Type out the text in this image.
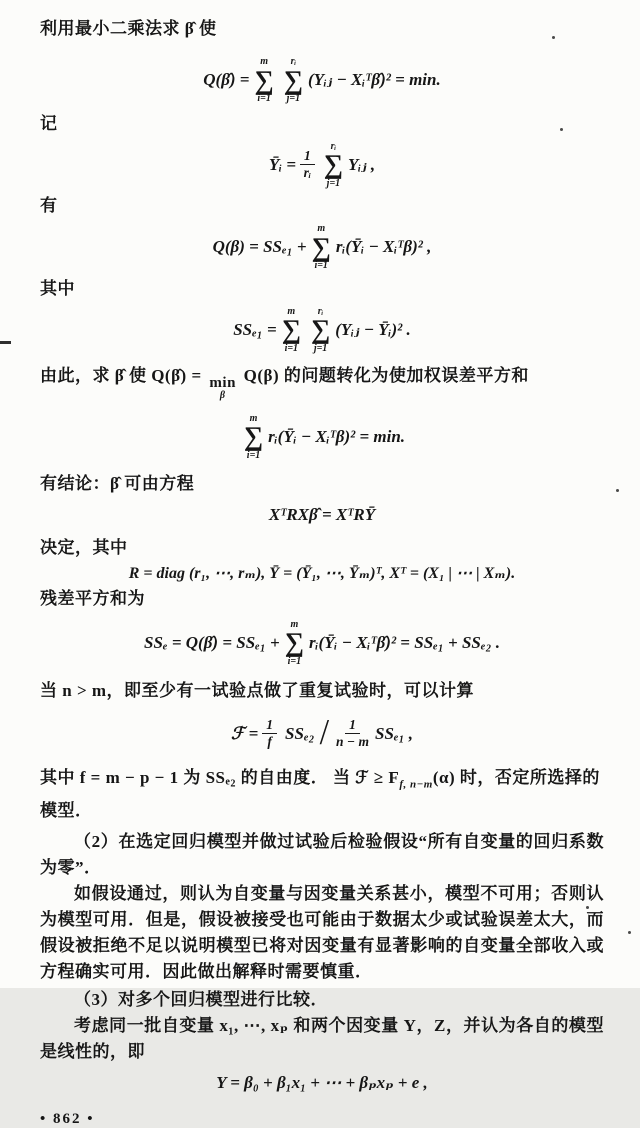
利用最小二乘法求 β̂ 使
Q(β̂) =
m
∑
i=1
rᵢ
∑
j=1
(Yᵢⱼ − Xᵢᵀβ̂)² = min.
记
Ȳᵢ = $\frac{1}{\text{rᵢ}}$
rᵢ
∑
j=1
Yᵢⱼ ,
有
Q(β) = SSₑ₁ +
m
∑
i=1
rᵢ(Ȳᵢ − Xᵢᵀβ)² ,
其中
SSₑ₁ =
m
∑
i=1
rᵢ
∑
j=1
(Yᵢⱼ − Ȳᵢ)² .
由此，求 β̂ 使 Q(β̂) = min
β
Q(β) 的问题转化为使加权误差平方和
m
∑
i=1
rᵢ(Ȳᵢ − Xᵢᵀβ)² = min.
有结论：β̂ 可由方程
XᵀRXβ̂ = XᵀRȲ
决定，其中
R = diag (r₁, ⋯, rₘ), Ȳ = (Ȳ₁, ⋯, Ȳₘ)ᵀ, Xᵀ = (X₁ | ⋯ | Xₘ).
残差平方和为
SSₑ = Q(β̂) = SSₑ₁ +
m
∑
i=1
rᵢ(Ȳᵢ − Xᵢᵀβ̂)² = SSₑ₁ + SSₑ₂ .
当 n > m，即至少有一试验点做了重复试验时，可以计算
ℱ = $\frac{1}{f} SS_{e2} / \frac{1}{n - m} SS_{e1}$ ,
其中 f = m − p − 1 为 SSₑ₂ 的自由度． 当 ℱ ≥ $F_{f, n-m}(\alpha)$ 时，否定所选择的模型．
（2）在选定回归模型并做过试验后检验假设“所有自变量的回归系数为零”．
如假设通过，则认为自变量与因变量关系甚小，模型不可用；否则认为模型可用．但是，假设被接受也可能由于数据太少或试验误差太大，而假设被拒绝不足以说明模型已将对因变量有显著影响的自变量全部收入或方程确实可用．因此做出解释时需要慎重．
（3）对多个回归模型进行比较．
考虑同一批自变量 x₁, ⋯, xₚ 和两个因变量 Y，Z，并认为各自的模型是线性的，即
Y = β₀ + β₁x₁ + ⋯ + βₚxₚ + e ,
• 862 •
